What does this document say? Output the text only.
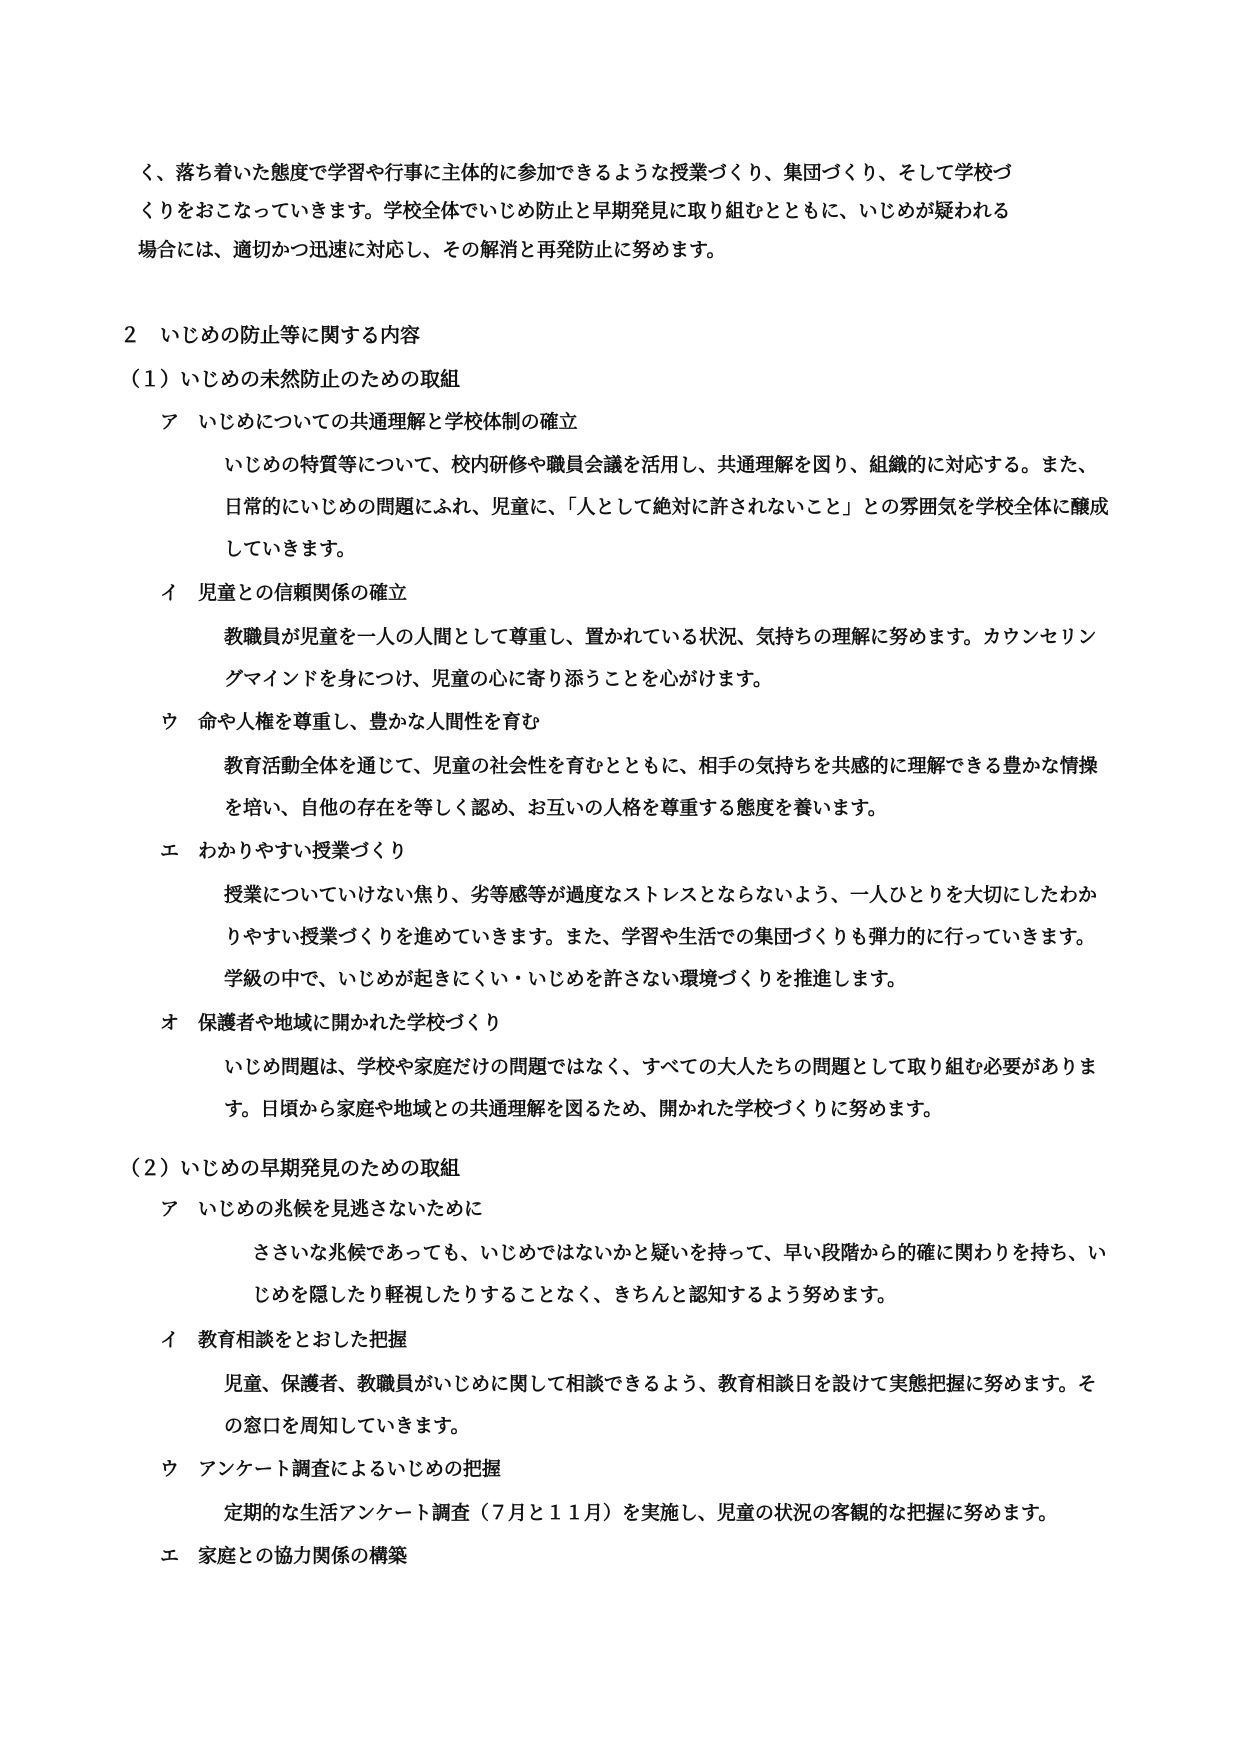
く、落ち着いた態度で学習や行事に主体的に参加できるような授業づくり、集団づくり、そして学校づ
くりをおこなっていきます。学校全体でいじめ防止と早期発見に取り組むとともに、いじめが疑われる
場合には、適切かつ迅速に対応し、その解消と再発防止に努めます。
２　いじめの防止等に関する内容
（１）いじめの未然防止のための取組
ア　いじめについての共通理解と学校体制の確立
いじめの特質等について、校内研修や職員会議を活用し、共通理解を図り、組織的に対応する。また、
日常的にいじめの問題にふれ、児童に、「人として絶対に許されないこと」との雰囲気を学校全体に醸成
していきます。
イ　児童との信頼関係の確立
教職員が児童を一人の人間として尊重し、置かれている状況、気持ちの理解に努めます。カウンセリン
グマインドを身につけ、児童の心に寄り添うことを心がけます。
ウ　命や人権を尊重し、豊かな人間性を育む
教育活動全体を通じて、児童の社会性を育むとともに、相手の気持ちを共感的に理解できる豊かな情操
を培い、自他の存在を等しく認め、お互いの人格を尊重する態度を養います。
エ　わかりやすい授業づくり
授業についていけない焦り、劣等感等が過度なストレスとならないよう、一人ひとりを大切にしたわか
りやすい授業づくりを進めていきます。また、学習や生活での集団づくりも弾力的に行っていきます。
学級の中で、いじめが起きにくい・いじめを許さない環境づくりを推進します。
オ　保護者や地域に開かれた学校づくり
いじめ問題は、学校や家庭だけの問題ではなく、すべての大人たちの問題として取り組む必要がありま
す。日頃から家庭や地域との共通理解を図るため、開かれた学校づくりに努めます。
（２）いじめの早期発見のための取組
ア　いじめの兆候を見逃さないために
ささいな兆候であっても、いじめではないかと疑いを持って、早い段階から的確に関わりを持ち、い
じめを隠したり軽視したりすることなく、きちんと認知するよう努めます。
イ　教育相談をとおした把握
児童、保護者、教職員がいじめに関して相談できるよう、教育相談日を設けて実態把握に努めます。そ
の窓口を周知していきます。
ウ　アンケート調査によるいじめの把握
定期的な生活アンケート調査（７月と１１月）を実施し、児童の状況の客観的な把握に努めます。
エ　家庭との協力関係の構築
